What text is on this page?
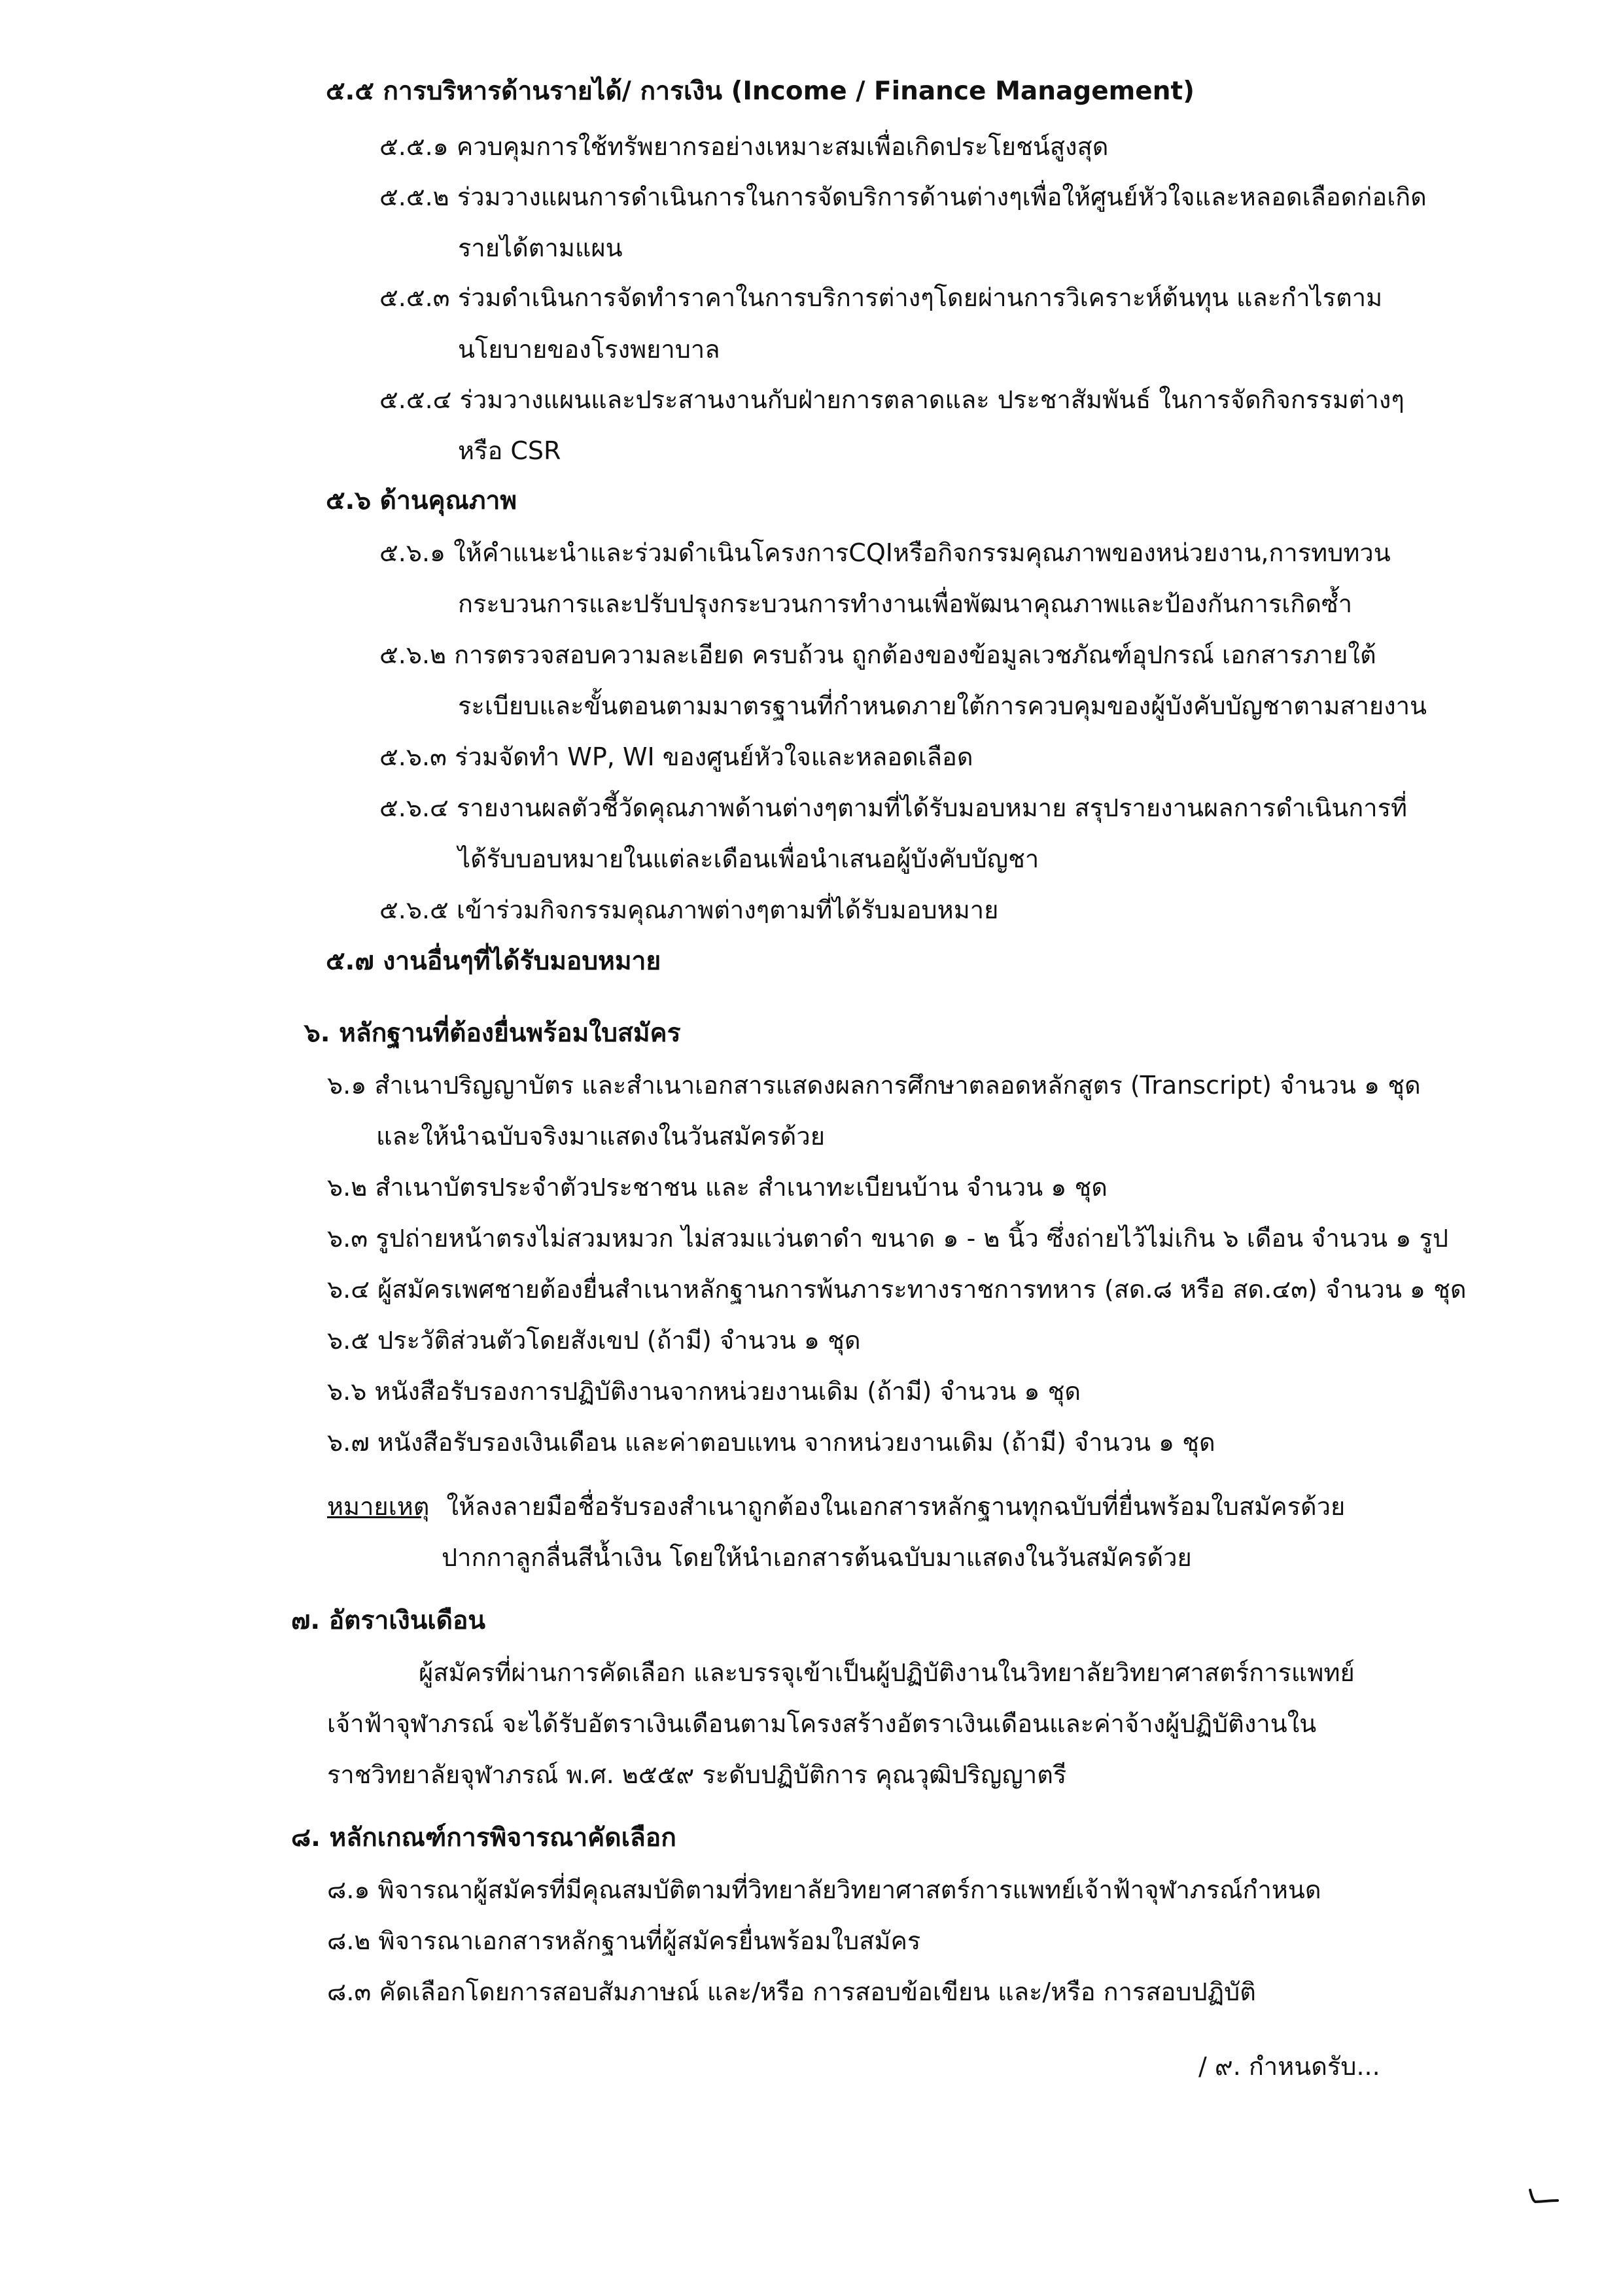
๕.๕ การบริหารด้านรายได้/ การเงิน (Income / Finance Management)
๕.๕.๑ ควบคุมการใช้ทรัพยากรอย่างเหมาะสมเพื่อเกิดประโยชน์สูงสุด
๕.๕.๒ ร่วมวางแผนการดำเนินการในการจัดบริการด้านต่างๆเพื่อให้ศูนย์หัวใจและหลอดเลือดก่อเกิด
รายได้ตามแผน
๕.๕.๓ ร่วมดำเนินการจัดทำราคาในการบริการต่างๆโดยผ่านการวิเคราะห์ต้นทุน และกำไรตาม
นโยบายของโรงพยาบาล
๕.๕.๔ ร่วมวางแผนและประสานงานกับฝ่ายการตลาดและ ประชาสัมพันธ์ ในการจัดกิจกรรมต่างๆ
หรือ CSR
๕.๖ ด้านคุณภาพ
๕.๖.๑ ให้คำแนะนำและร่วมดำเนินโครงการCQIหรือกิจกรรมคุณภาพของหน่วยงาน,การทบทวน
กระบวนการและปรับปรุงกระบวนการทำงานเพื่อพัฒนาคุณภาพและป้องกันการเกิดซ้ำ
๕.๖.๒ การตรวจสอบความละเอียด ครบถ้วน ถูกต้องของข้อมูลเวชภัณฑ์อุปกรณ์ เอกสารภายใต้
ระเบียบและขั้นตอนตามมาตรฐานที่กำหนดภายใต้การควบคุมของผู้บังคับบัญชาตามสายงาน
๕.๖.๓ ร่วมจัดทำ WP, WI ของศูนย์หัวใจและหลอดเลือด
๕.๖.๔ รายงานผลตัวชี้วัดคุณภาพด้านต่างๆตามที่ได้รับมอบหมาย สรุปรายงานผลการดำเนินการที่
ได้รับบอบหมายในแต่ละเดือนเพื่อนำเสนอผู้บังคับบัญชา
๕.๖.๕ เข้าร่วมกิจกรรมคุณภาพต่างๆตามที่ได้รับมอบหมาย
๕.๗ งานอื่นๆที่ได้รับมอบหมาย
๖. หลักฐานที่ต้องยื่นพร้อมใบสมัคร
๖.๑ สำเนาปริญญาบัตร และสำเนาเอกสารแสดงผลการศึกษาตลอดหลักสูตร (Transcript) จำนวน ๑ ชุด
และให้นำฉบับจริงมาแสดงในวันสมัครด้วย
๖.๒ สำเนาบัตรประจำตัวประชาชน และ สำเนาทะเบียนบ้าน จำนวน ๑ ชุด
๖.๓ รูปถ่ายหน้าตรงไม่สวมหมวก ไม่สวมแว่นตาดำ ขนาด ๑ - ๒ นิ้ว ซึ่งถ่ายไว้ไม่เกิน ๖ เดือน จำนวน ๑ รูป
๖.๔ ผู้สมัครเพศชายต้องยื่นสำเนาหลักฐานการพ้นภาระทางราชการทหาร (สด.๘ หรือ สด.๔๓) จำนวน ๑ ชุด
๖.๕ ประวัติส่วนตัวโดยสังเขป (ถ้ามี) จำนวน ๑ ชุด
๖.๖ หนังสือรับรองการปฏิบัติงานจากหน่วยงานเดิม (ถ้ามี) จำนวน ๑ ชุด
๖.๗ หนังสือรับรองเงินเดือน และค่าตอบแทน จากหน่วยงานเดิม (ถ้ามี) จำนวน ๑ ชุด
หมายเหตุ ให้ลงลายมือชื่อรับรองสำเนาถูกต้องในเอกสารหลักฐานทุกฉบับที่ยื่นพร้อมใบสมัครด้วย
ปากกาลูกลื่นสีน้ำเงิน โดยให้นำเอกสารต้นฉบับมาแสดงในวันสมัครด้วย
๗. อัตราเงินเดือน
ผู้สมัครที่ผ่านการคัดเลือก และบรรจุเข้าเป็นผู้ปฏิบัติงานในวิทยาลัยวิทยาศาสตร์การแพทย์
เจ้าฟ้าจุฬาภรณ์ จะได้รับอัตราเงินเดือนตามโครงสร้างอัตราเงินเดือนและค่าจ้างผู้ปฏิบัติงานใน
ราชวิทยาลัยจุฬาภรณ์ พ.ศ. ๒๕๕๙ ระดับปฏิบัติการ คุณวุฒิปริญญาตรี
๘. หลักเกณฑ์การพิจารณาคัดเลือก
๘.๑ พิจารณาผู้สมัครที่มีคุณสมบัติตามที่วิทยาลัยวิทยาศาสตร์การแพทย์เจ้าฟ้าจุฬาภรณ์กำหนด
๘.๒ พิจารณาเอกสารหลักฐานที่ผู้สมัครยื่นพร้อมใบสมัคร
๘.๓ คัดเลือกโดยการสอบสัมภาษณ์ และ/หรือ การสอบข้อเขียน และ/หรือ การสอบปฏิบัติ
/ ๙. กำหนดรับ...
